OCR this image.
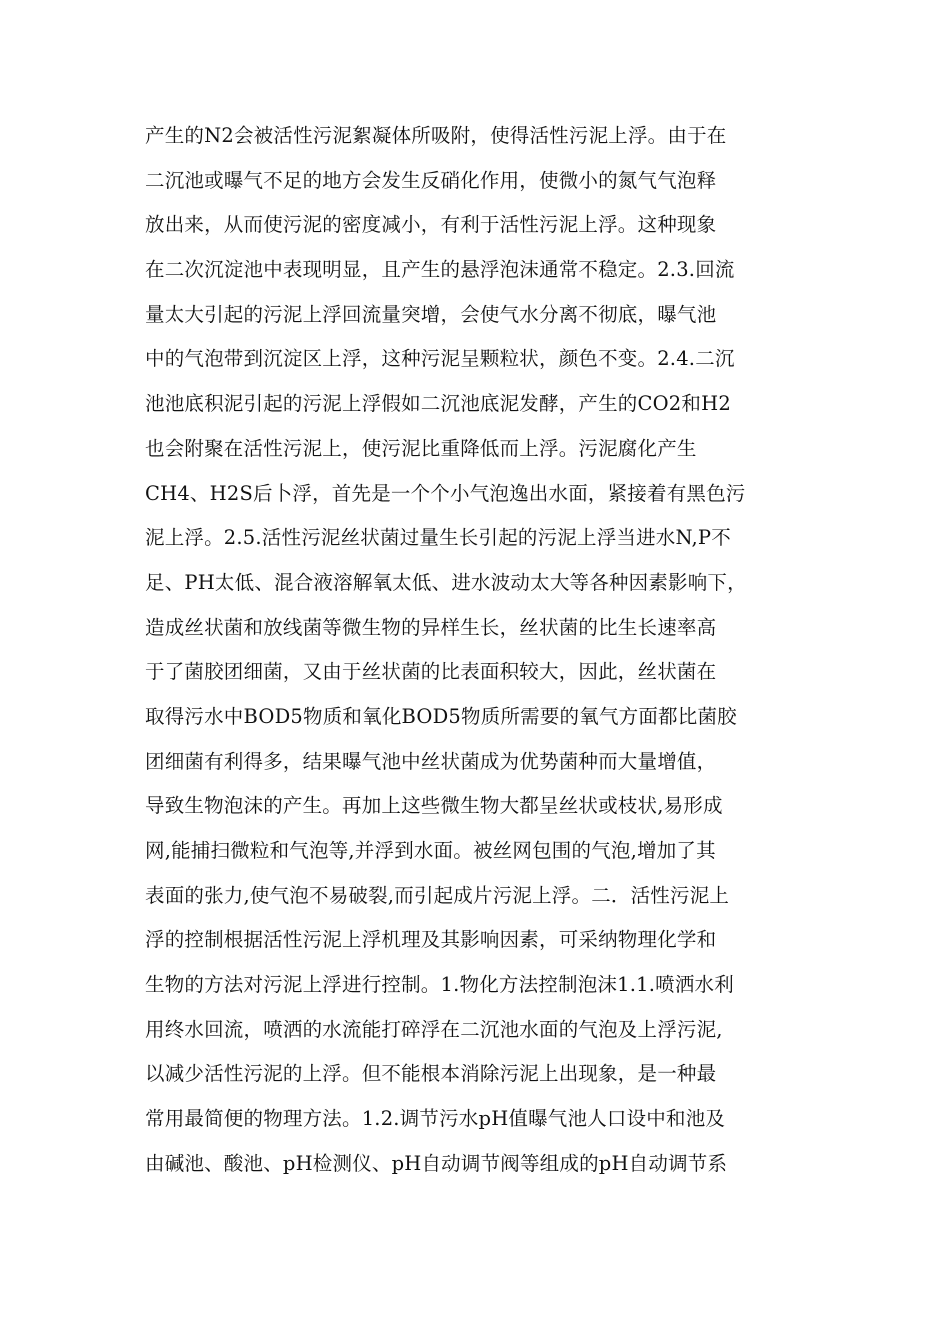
产生的N2会被活性污泥絮凝体所吸附，使得活性污泥上浮。由于在
二沉池或曝气不足的地方会发生反硝化作用，使微小的氮气气泡释
放出来，从而使污泥的密度减小，有利于活性污泥上浮。这种现象
在二次沉淀池中表现明显，且产生的悬浮泡沫通常不稳定。2.3.回流
量太大引起的污泥上浮回流量突增，会使气水分离不彻底，曝气池
中的气泡带到沉淀区上浮，这种污泥呈颗粒状，颜色不变。2.4.二沉
池池底积泥引起的污泥上浮假如二沉池底泥发酵，产生的CO2和H2
也会附聚在活性污泥上，使污泥比重降低而上浮。污泥腐化产生
CH4、H2S后卜浮，首先是一个个小气泡逸出水面，紧接着有黑色污
泥上浮。2.5.活性污泥丝状菌过量生长引起的污泥上浮当进水N,P不
足、PH太低、混合液溶解氧太低、进水波动太大等各种因素影响下，
造成丝状菌和放线菌等微生物的异样生长，丝状菌的比生长速率高
于了菌胶团细菌，又由于丝状菌的比表面积较大，因此，丝状菌在
取得污水中BOD5物质和氧化BOD5物质所需要的氧气方面都比菌胶
团细菌有利得多，结果曝气池中丝状菌成为优势菌种而大量增值，
导致生物泡沫的产生。再加上这些微生物大都呈丝状或枝状,易形成
网,能捕扫微粒和气泡等,并浮到水面。被丝网包围的气泡,增加了其
表面的张力,使气泡不易破裂,而引起成片污泥上浮。二．活性污泥上
浮的控制根据活性污泥上浮机理及其影响因素，可采纳物理化学和
生物的方法对污泥上浮进行控制。1.物化方法控制泡沫1.1.喷洒水利
用终水回流，喷洒的水流能打碎浮在二沉池水面的气泡及上浮污泥,
以减少活性污泥的上浮。但不能根本消除污泥上出现象，是一种最
常用最简便的物理方法。1.2.调节污水pH值曝气池人口设中和池及
由碱池、酸池、pH检测仪、pH自动调节阀等组成的pH自动调节系
